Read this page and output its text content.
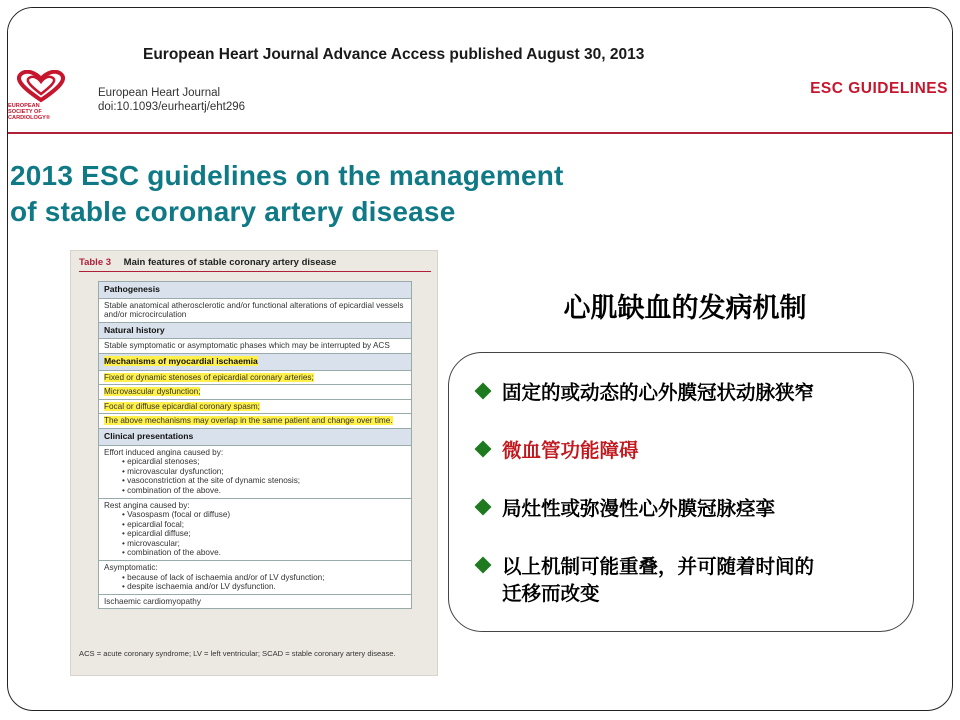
European Heart Journal Advance Access published August 30, 2013
EUROPEAN
SOCIETY OF
CARDIOLOGY®
European Heart Journal
doi:10.1093/eurheartj/eht296
ESC GUIDELINES
2013 ESC guidelines on the management
of stable coronary artery disease
Table 3 Main features of stable coronary artery disease
Pathogenesis
Stable anatomical atherosclerotic and/or functional alterations of epicardial vessels and/or microcirculation
Natural history
Stable symptomatic or asymptomatic phases which may be interrupted by ACS
Mechanisms of myocardial ischaemia
Fixed or dynamic stenoses of epicardial coronary arteries;
Microvascular dysfunction;
Focal or diffuse epicardial coronary spasm;
The above mechanisms may overlap in the same patient and change over time.
Clinical presentations
Effort induced angina caused by:
• epicardial stenoses;
• microvascular dysfunction;
• vasoconstriction at the site of dynamic stenosis;
• combination of the above.
Rest angina caused by:
• Vasospasm (focal or diffuse)
• epicardial focal;
• epicardial diffuse;
• microvascular;
• combination of the above.
Asymptomatic:
• because of lack of ischaemia and/or of LV dysfunction;
• despite ischaemia and/or LV dysfunction.
Ischaemic cardiomyopathy
ACS = acute coronary syndrome; LV = left ventricular; SCAD = stable coronary artery disease.
心肌缺血的发病机制
固定的或动态的心外膜冠状动脉狭窄
微血管功能障碍
局灶性或弥漫性心外膜冠脉痉挛
以上机制可能重叠，并可随着时间的
迁移而改变
